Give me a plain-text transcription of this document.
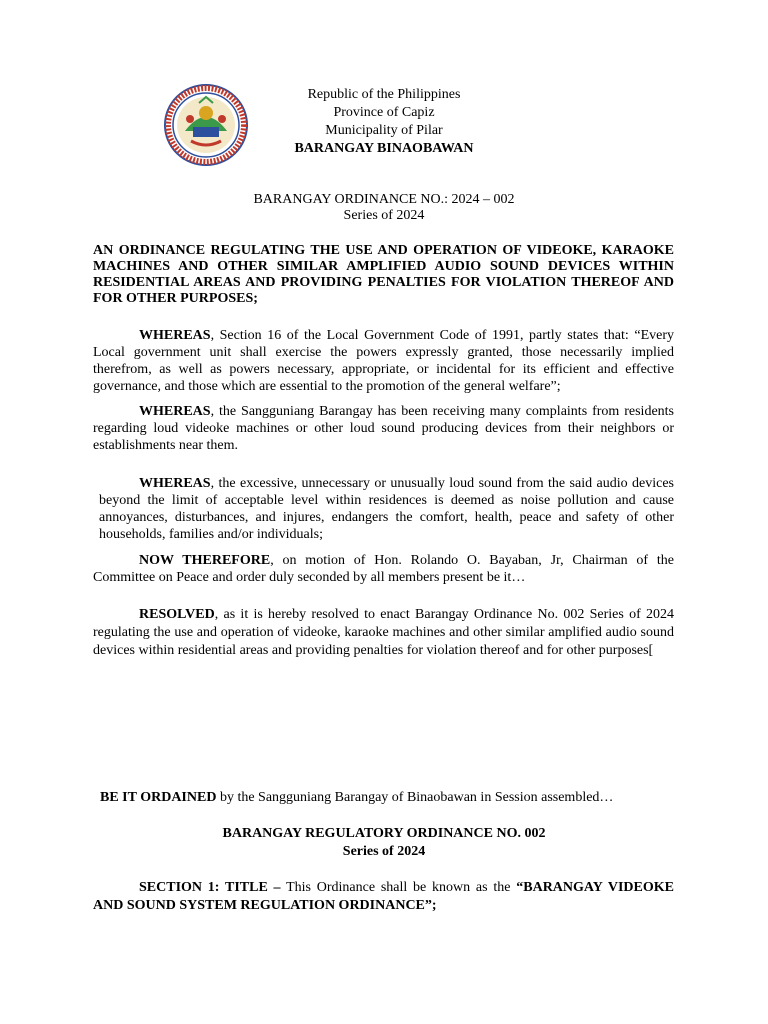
Republic of the Philippines
Province of Capiz
Municipality of Pilar
BARANGAY BINAOBAWAN
BARANGAY ORDINANCE NO.: 2024 – 002
Series of 2024
AN ORDINANCE REGULATING THE USE AND OPERATION OF VIDEOKE, KARAOKE MACHINES AND OTHER SIMILAR AMPLIFIED AUDIO SOUND DEVICES WITHIN RESIDENTIAL AREAS AND PROVIDING PENALTIES FOR VIOLATION THEREOF AND FOR OTHER PURPOSES;
WHEREAS, Section 16 of the Local Government Code of 1991, partly states that: “Every Local government unit shall exercise the powers expressly granted, those necessarily implied therefrom, as well as powers necessary, appropriate, or incidental for its efficient and effective governance, and those which are essential to the promotion of the general welfare”;
WHEREAS, the Sangguniang Barangay has been receiving many complaints from residents regarding loud videoke machines or other loud sound producing devices from their neighbors or establishments near them.
WHEREAS, the excessive, unnecessary or unusually loud sound from the said audio devices beyond the limit of acceptable level within residences is deemed as noise pollution and cause annoyances, disturbances, and injures, endangers the comfort, health, peace and safety of other households, families and/or individuals;
NOW THEREFORE, on motion of Hon. Rolando O. Bayaban, Jr, Chairman of the Committee on Peace and order duly seconded by all members present be it…
RESOLVED, as it is hereby resolved to enact Barangay Ordinance No. 002 Series of 2024 regulating the use and operation of videoke, karaoke machines and other similar amplified audio sound devices within residential areas and providing penalties for violation thereof and for other purposes[
BE IT ORDAINED by the Sangguniang Barangay of Binaobawan in Session assembled…
BARANGAY REGULATORY ORDINANCE NO. 002
Series of 2024
SECTION 1: TITLE – This Ordinance shall be known as the “BARANGAY VIDEOKE AND SOUND SYSTEM REGULATION ORDINANCE”;
